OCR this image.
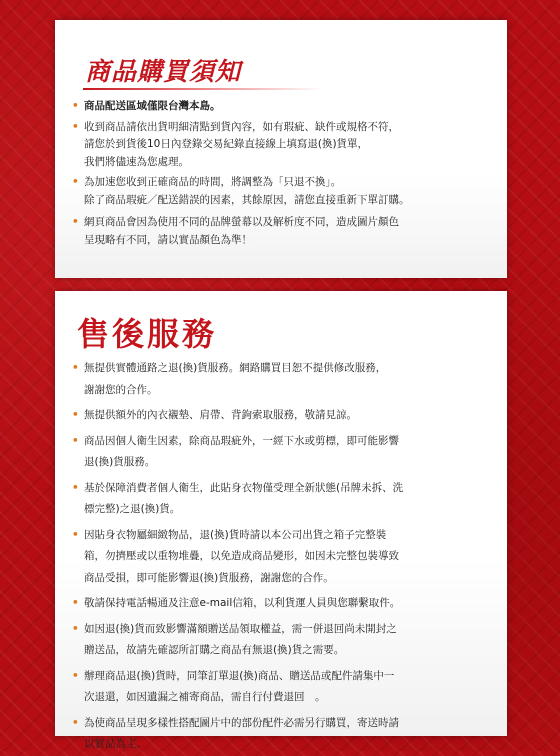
商品購買須知
• 商品配送區域僅限台灣本島。
• 收到商品請依出貨明細清點到貨內容，如有瑕疵、缺件或規格不符，
請您於到貨後10日內登錄交易紀錄直接線上填寫退(換)貨單，
我們將儘速為您處理。
• 為加速您收到正確商品的時間，將調整為「只退不換」。
除了商品瑕疵／配送錯誤的因素，其餘原因，請您直接重新下單訂購。
• 網頁商品會因為使用不同的品牌螢幕以及解析度不同，造成圖片顏色
呈現略有不同，請以實品顏色為準！
售後服務
• 無提供實體通路之退(換)貨服務。網路購買目恕不提供修改服務，
謝謝您的合作。
• 無提供額外的內衣襯墊、肩帶、背鉤索取服務，敬請見諒。
• 商品因個人衛生因素，除商品瑕疵外，一經下水或剪標，即可能影響
退(換)貨服務。
• 基於保障消費者個人衛生，此貼身衣物僅受理全新狀態(吊牌未拆、洗
標完整)之退(換)貨。
• 因貼身衣物屬細緻物品，退(換)貨時請以本公司出貨之箱子完整裝
箱，勿擠壓或以重物堆疊，以免造成商品變形，如因未完整包裝導致
商品受損，即可能影響退(換)貨服務，謝謝您的合作。
• 敬請保持電話暢通及注意e-mail信箱，以利貨運人員與您聯繫取件。
• 如因退(換)貨而致影響滿額贈送品領取權益，需一併退回尚未開封之
贈送品，故請先確認所訂購之商品有無退(換)貨之需要。
• 辦理商品退(換)貨時，同筆訂單退(換)商品、贈送品或配件請集中一
次退還，如因遺漏之補寄商品，需自行付費退回　。
• 為使商品呈現多樣性搭配圖片中的部份配件必需另行購買，寄送時請
以實品為主。
